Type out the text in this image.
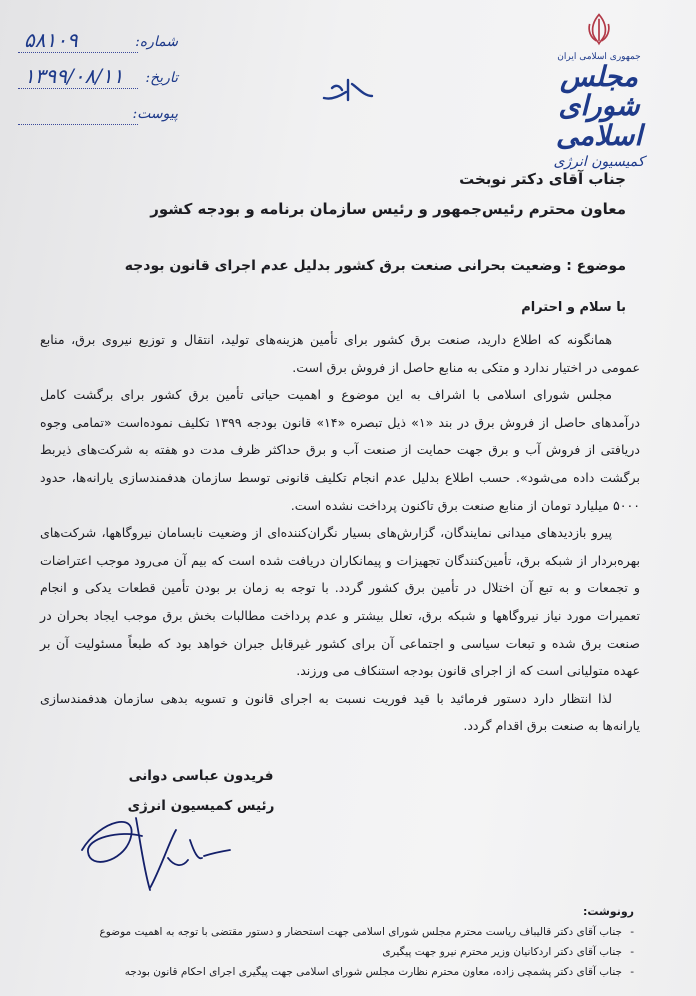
جمهوری اسلامی ایران
مجلس شورای اسلامی
کمیسیون انرژی
شماره:
۵۸۱۰۹
تاریخ:
۱۳۹۹/۰۸/۱۱
پیوست:
جناب آقای دکتر نوبخت
معاون محترم رئیس‌جمهور و رئیس سازمان برنامه و بودجه کشور
موضوع : وضعیت بحرانی صنعت برق کشور بدلیل عدم اجرای قانون بودجه
با سلام و احترام

همانگونه که اطلاع دارید، صنعت برق کشور برای تأمین هزینه‌های تولید، انتقال و توزیع نیروی برق، منابع عمومی در اختیار ندارد و متکی به منابع حاصل از فروش برق است.

مجلس شورای اسلامی با اشراف به این موضوع و اهمیت حیاتی تأمین برق کشور برای برگشت کامل درآمدهای حاصل از فروش برق در بند «۱» ذیل تبصره «۱۴» قانون بودجه ۱۳۹۹ تکلیف نموده‌است «تمامی وجوه دریافتی از فروش آب و برق جهت حمایت از صنعت آب و برق حداکثر ظرف مدت دو هفته به شرکت‌های ذیربط برگشت داده می‌شود». حسب اطلاع بدلیل عدم انجام تکلیف قانونی توسط سازمان هدفمندسازی یارانه‌ها، حدود ۵۰۰۰ میلیارد تومان از منابع صنعت برق تاکنون پرداخت نشده است.

پیرو بازدیدهای میدانی نمایندگان، گزارش‌های بسیار نگران‌کننده‌ای از وضعیت نابسامان نیروگاهها، شرکت‌های بهره‌بردار از شبکه برق، تأمین‌کنندگان تجهیزات و پیمانکاران دریافت شده است که بیم آن می‌رود موجب اعتراضات و تجمعات و به تبع آن اختلال در تأمین برق کشور گردد. با توجه به زمان بر بودن تأمین قطعات یدکی و انجام تعمیرات مورد نیاز نیروگاهها و شبکه برق، تعلل بیشتر و عدم پرداخت مطالبات بخش برق موجب ایجاد بحران در صنعت برق شده و تبعات سیاسی و اجتماعی آن برای کشور غیرقابل جبران خواهد بود که طبعاً مسئولیت آن بر عهده متولیانی است که از اجرای قانون بودجه استنکاف می ورزند.

لذا انتظار دارد دستور فرمائید با قید فوریت نسبت به اجرای قانون و تسویه بدهی سازمان هدفمندسازی یارانه‌ها به صنعت برق اقدام گردد.

فریدون عباسی دوانی
رئیس کمیسیون انرژی
رونوشت:
- جناب آقای دکتر قالیباف ریاست محترم مجلس شورای اسلامی جهت استحضار و دستور مقتضی با توجه به اهمیت موضوع
- جناب آقای دکتر اردکانیان وزیر محترم نیرو جهت پیگیری
- جناب آقای دکتر پشمچی زاده، معاون محترم نظارت مجلس شورای اسلامی جهت پیگیری اجرای احکام قانون بودجه
